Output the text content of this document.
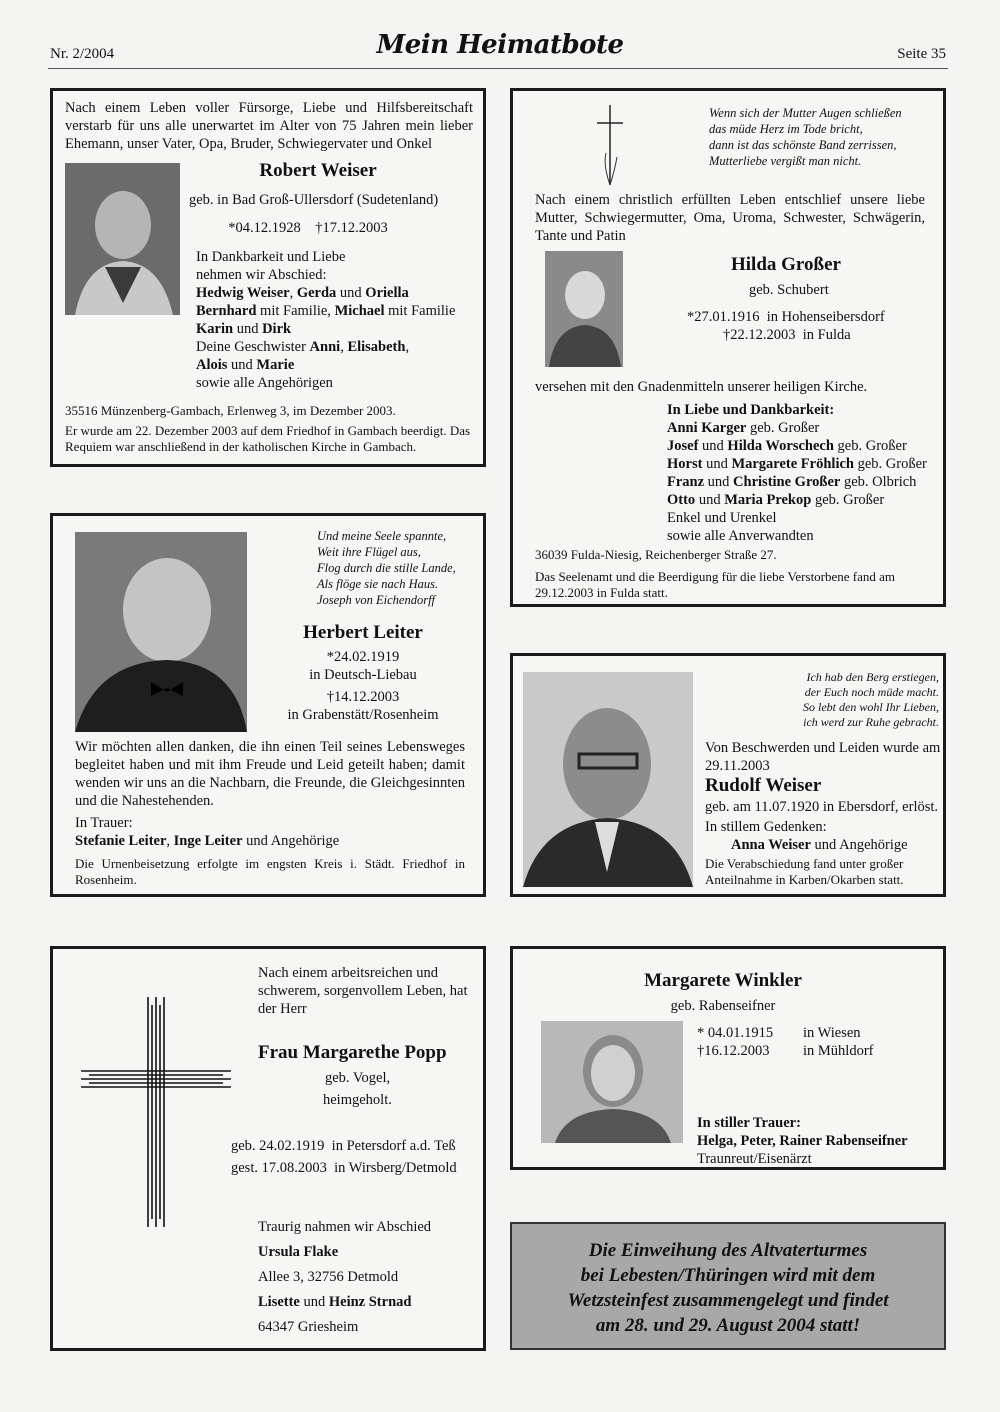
Nr. 2/2004	Mein Heimatbote	Seite 35
Nach einem Leben voller Fürsorge, Liebe und Hilfsbereitschaft verstarb für uns alle unerwartet im Alter von 75 Jahren mein lieber Ehemann, unser Vater, Opa, Bruder, Schwiegervater und Onkel
Robert Weiser
geb. in Bad Groß-Ullersdorf (Sudetenland)
*04.12.1928    †17.12.2003
In Dankbarkeit und Liebe
nehmen wir Abschied:
Hedwig Weiser, Gerda und Oriella
Bernhard mit Familie, Michael mit Familie
Karin und Dirk
Deine Geschwister Anni, Elisabeth,
Alois und Marie
sowie alle Angehörigen
35516 Münzenberg-Gambach, Erlenweg 3, im Dezember 2003.
Er wurde am 22. Dezember 2003 auf dem Friedhof in Gambach beerdigt. Das Requiem war anschließend in der katholischen Kirche in Gambach.
Wenn sich der Mutter Augen schließen
das müde Herz im Tode bricht,
dann ist das schönste Band zerrissen,
Mutterliebe vergißt man nicht.
Nach einem christlich erfüllten Leben entschlief unsere liebe Mutter, Schwiegermutter, Oma, Uroma, Schwester, Schwägerin, Tante und Patin
Hilda Großer
geb. Schubert
*27.01.1916  in Hohenseibersdorf
†22.12.2003  in Fulda
versehen mit den Gnadenmitteln unserer heiligen Kirche.
In Liebe und Dankbarkeit:
Anni Karger geb. Großer
Josef und Hilda Worschech geb. Großer
Horst und Margarete Fröhlich geb. Großer
Franz und Christine Großer geb. Olbrich
Otto und Maria Prekop geb. Großer
Enkel und Urenkel
sowie alle Anverwandten
36039 Fulda-Niesig, Reichenberger Straße 27.
Das Seelenamt und die Beerdigung für die liebe Verstorbene fand am 29.12.2003 in Fulda statt.
Und meine Seele spannte,
Weit ihre Flügel aus,
Flog durch die stille Lande,
Als flöge sie nach Haus.
Joseph von Eichendorff
Herbert Leiter
*24.02.1919
in Deutsch-Liebau
†14.12.2003
in Grabenstätt/Rosenheim
Wir möchten allen danken, die ihn einen Teil seines Lebensweges begleitet haben und mit ihm Freude und Leid geteilt haben; damit wenden wir uns an die Nachbarn, die Freunde, die Gleichgesinnten und die Nahestehenden.
In Trauer:
Stefanie Leiter, Inge Leiter und Angehörige
Die Urnenbeisetzung erfolgte im engsten Kreis i. Städt. Friedhof in Rosenheim.
Ich hab den Berg erstiegen,
der Euch noch müde macht.
So lebt den wohl Ihr Lieben,
ich werd zur Ruhe gebracht.
Von Beschwerden und Leiden wurde am 29.11.2003
Rudolf Weiser
geb. am 11.07.1920 in Ebersdorf, erlöst.
In stillem Gedenken:
Anna Weiser und Angehörige
Die Verabschiedung fand unter großer Anteilnahme in Karben/Okarben statt.
Nach einem arbeitsreichen und schwerem, sorgenvollem Leben, hat der Herr
Frau Margarethe Popp
geb. Vogel,
heimgeholt.
geb. 24.02.1919  in Petersdorf a.d. Teß
gest. 17.08.2003  in Wirsberg/Detmold
Traurig nahmen wir Abschied
Ursula Flake
Allee 3, 32756 Detmold
Lisette und Heinz Strnad
64347 Griesheim
Margarete Winkler
geb. Rabenseifner
* 04.01.1915	in Wiesen
†16.12.2003	in Mühldorf
In stiller Trauer:
Helga, Peter, Rainer Rabenseifner
Traunreut/Eisenärzt
Die Einweihung des Altvaterturmes
bei Lebesten/Thüringen wird mit dem
Wetzsteinfest zusammengelegt und findet
am 28. und 29. August 2004 statt!
